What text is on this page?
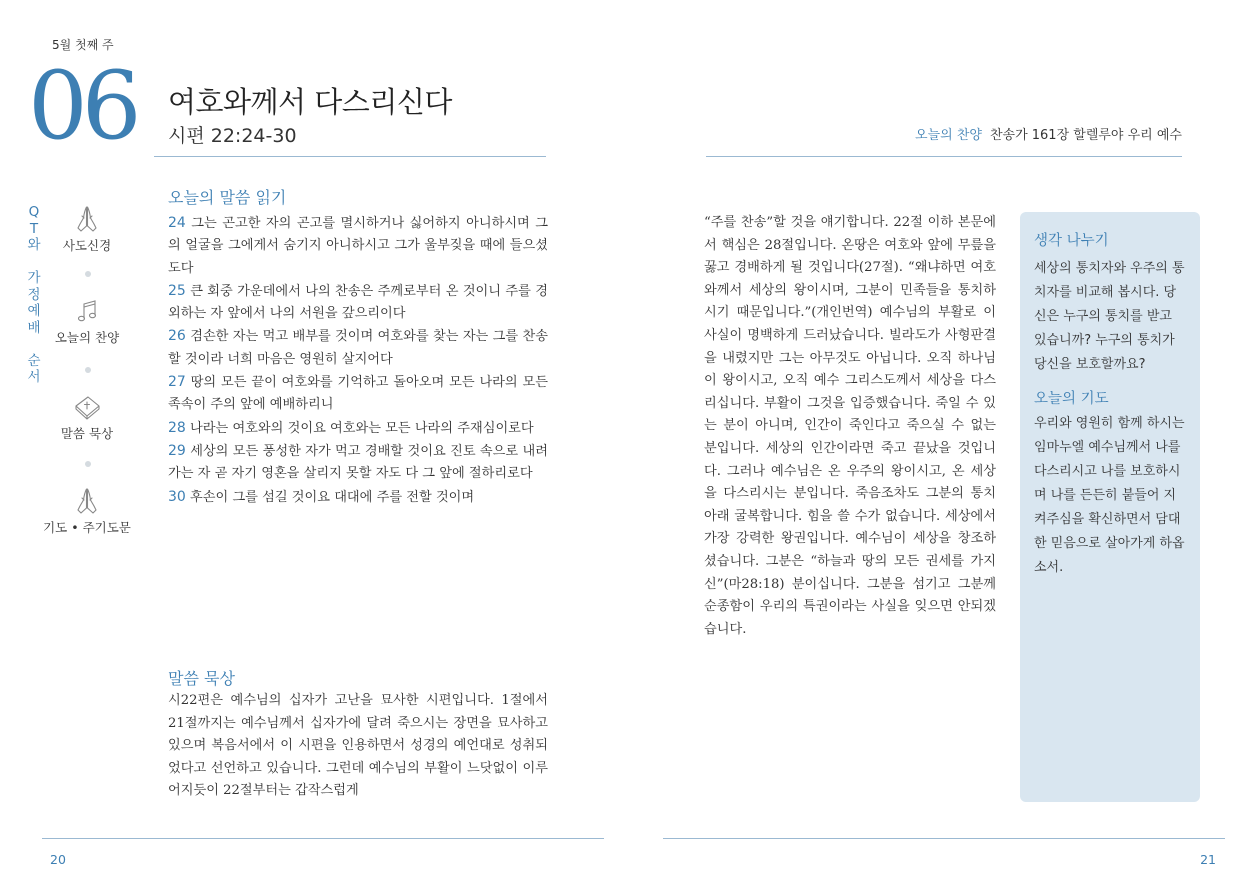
5월 첫째 주
06 여호와께서 다스리신다
시편 22:24-30
Q
T
와
가
정
예
배
순
서
사도신경
오늘의 찬양
말씀 묵상
기도 • 주기도문
오늘의 말씀 읽기

24 그는 곤고한 자의 곤고를 멸시하거나 싫어하지 아니하시며 그의 얼굴을 그에게서 숨기지 아니하시고 그가 울부짖을 때에 들으셨도다

25 큰 회중 가운데에서 나의 찬송은 주께로부터 온 것이니 주를 경외하는 자 앞에서 나의 서원을 갚으리이다

26 겸손한 자는 먹고 배부를 것이며 여호와를 찾는 자는 그를 찬송할 것이라 너희 마음은 영원히 살지어다

27 땅의 모든 끝이 여호와를 기억하고 돌아오며 모든 나라의 모든 족속이 주의 앞에 예배하리니

28 나라는 여호와의 것이요 여호와는 모든 나라의 주재심이로다

29 세상의 모든 풍성한 자가 먹고 경배할 것이요 진토 속으로 내려가는 자 곧 자기 영혼을 살리지 못할 자도 다 그 앞에 절하리로다

30 후손이 그를 섬길 것이요 대대에 주를 전할 것이며

말씀 묵상
시22편은 예수님의 십자가 고난을 묘사한 시편입니다. 1절에서 21절까지는 예수님께서 십자가에 달려 죽으시는 장면을 묘사하고 있으며 복음서에서 이 시편을 인용하면서 성경의 예언대로 성취되었다고 선언하고 있습니다. 그런데 예수님의 부활이 느닷없이 이루어지듯이 22절부터는 갑작스럽게
오늘의 찬양 찬송가 161장 할렐루야 우리 예수
“주를 찬송”할 것을 얘기합니다. 22절 이하 본문에서 핵심은 28절입니다. 온땅은 여호와 앞에 무릎을 꿇고 경배하게 될 것입니다(27절). “왜냐하면 여호와께서 세상의 왕이시며, 그분이 민족들을 통치하시기 때문입니다.”(개인번역) 예수님의 부활로 이 사실이 명백하게 드러났습니다. 빌라도가 사형판결을 내렸지만 그는 아무것도 아닙니다. 오직 하나님이 왕이시고, 오직 예수 그리스도께서 세상을 다스리십니다. 부활이 그것을 입증했습니다. 죽일 수 있는 분이 아니며, 인간이 죽인다고 죽으실 수 없는 분입니다. 세상의 인간이라면 죽고 끝났을 것입니다. 그러나 예수님은 온 우주의 왕이시고, 온 세상을 다스리시는 분입니다. 죽음조차도 그분의 통치 아래 굴복합니다. 힘을 쓸 수가 없습니다. 세상에서 가장 강력한 왕권입니다. 예수님이 세상을 창조하셨습니다. 그분은 “하늘과 땅의 모든 권세를 가지신”(마28:18) 분이십니다. 그분을 섬기고 그분께 순종함이 우리의 특권이라는 사실을 잊으면 안되겠습니다.
생각 나누기
세상의 통치자와 우주의 통치자를 비교해 봅시다. 당신은 누구의 통치를 받고 있습니까? 누구의 통치가 당신을 보호할까요?
오늘의 기도
우리와 영원히 함께 하시는 임마누엘 예수님께서 나를 다스리시고 나를 보호하시며 나를 든든히 붙들어 지켜주심을 확신하면서 담대한 믿음으로 살아가게 하옵소서.
20	21
